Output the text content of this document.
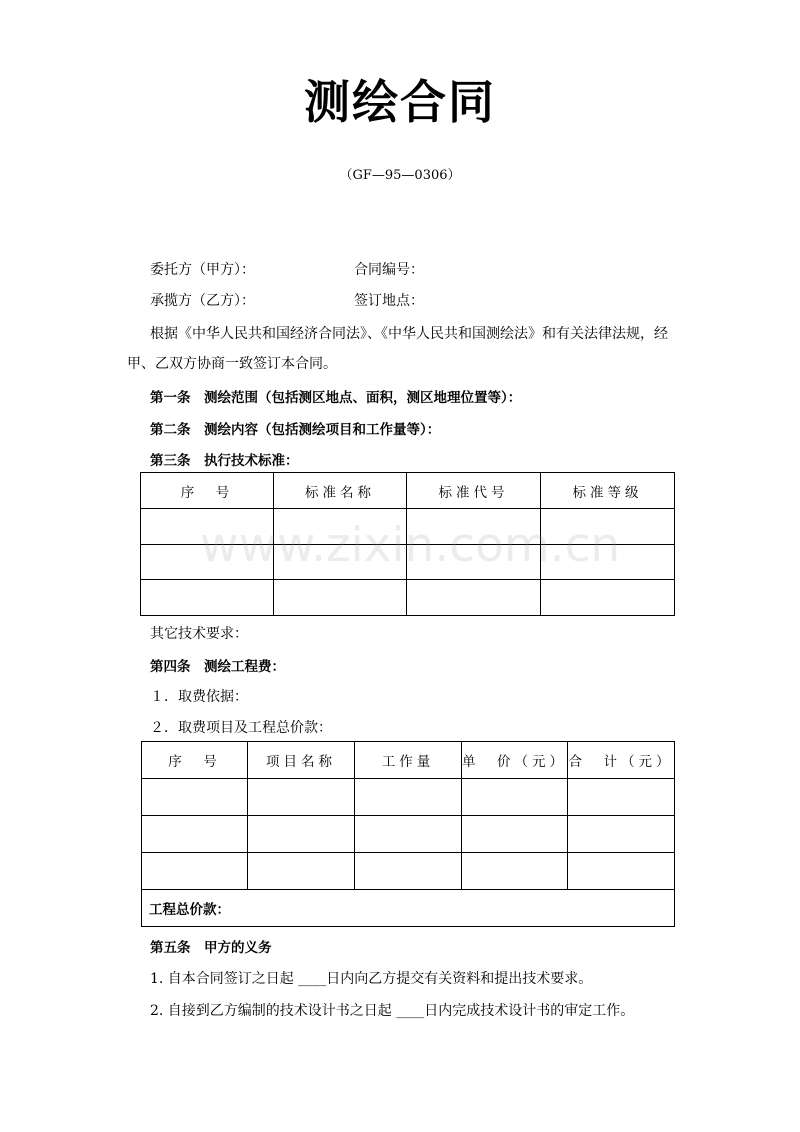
测绘合同
（GF—95—0306）
委托方（甲方）：	合同编号：
承揽方（乙方）：	签订地点：
根据《中华人民共和国经济合同法》、《中华人民共和国测绘法》和有关法律法规，经
甲、乙双方协商一致签订本合同。
第一条　测绘范围（包括测区地点、面积，测区地理位置等）：
第二条　测绘内容（包括测绘项目和工作量等）：
第三条　执行技术标准：
序　号	标准名称	标准代号	标准等级

其它技术要求：
第四条　测绘工程费：
１．取费依据：
２．取费项目及工程总价款：
序　号	项目名称	工作量	单　价（元）	合　计（元）

工程总价款：				
第五条　甲方的义务
1. 自本合同签订之日起 ____日内向乙方提交有关资料和提出技术要求。
2. 自接到乙方编制的技术设计书之日起 ____日内完成技术设计书的审定工作。
www.zixin.com.cn
